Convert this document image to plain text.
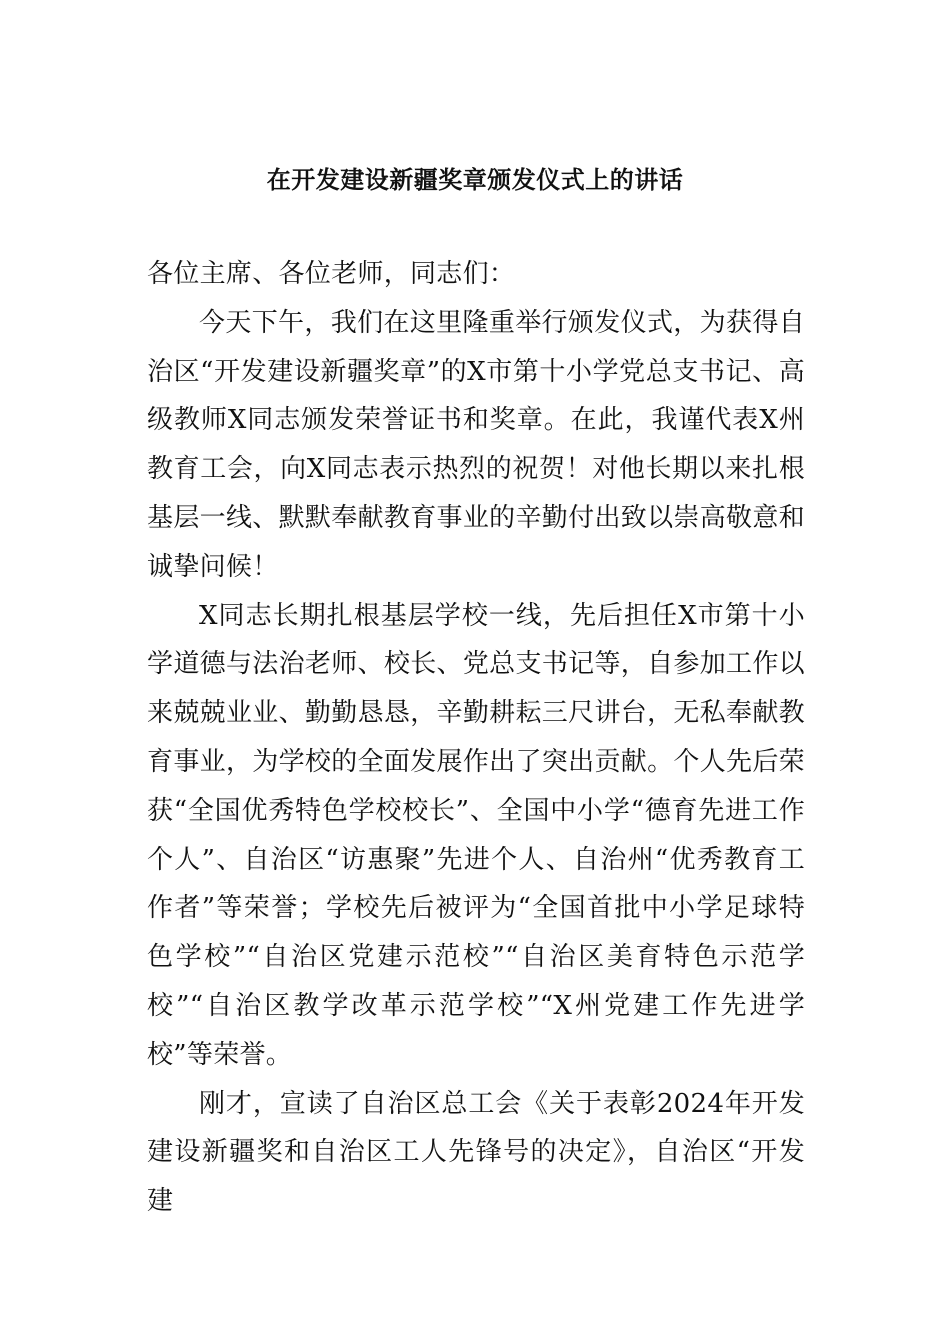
在开发建设新疆奖章颁发仪式上的讲话

各位主席、各位老师，同志们：

今天下午，我们在这里隆重举行颁发仪式，为获得自治区“开发建设新疆奖章”的X市第十小学党总支书记、高级教师X同志颁发荣誉证书和奖章。在此，我谨代表X州教育工会，向X同志表示热烈的祝贺！对他长期以来扎根基层一线、默默奉献教育事业的辛勤付出致以崇高敬意和诚挚问候！

X同志长期扎根基层学校一线，先后担任X市第十小学道德与法治老师、校长、党总支书记等，自参加工作以来兢兢业业、勤勤恳恳，辛勤耕耘三尺讲台，无私奉献教育事业，为学校的全面发展作出了突出贡献。个人先后荣获“全国优秀特色学校校长”、全国中小学“德育先进工作个人”、自治区“访惠聚”先进个人、自治州“优秀教育工作者”等荣誉；学校先后被评为“全国首批中小学足球特色学校”“自治区党建示范校”“自治区美育特色示范学校”“自治区教学改革示范学校”“X州党建工作先进学校”等荣誉。

刚才，宣读了自治区总工会《关于表彰2024年开发建设新疆奖和自治区工人先锋号的决定》，自治区“开发建
